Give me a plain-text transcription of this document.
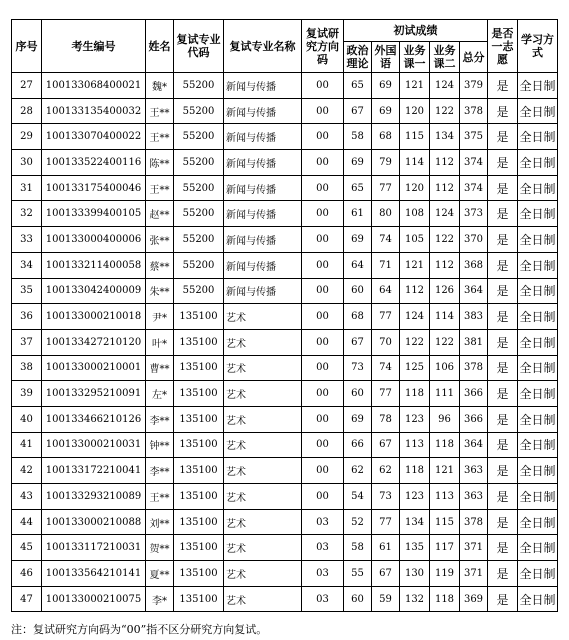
序号	考生编号	姓名	复试专业代码	复试专业名称	复试研究方向码	初试成绩					是否一志愿	学习方式
						政治理论	外国语	业务课一	业务课二	总分		
27	100133068400021	魏*	55200	新闻与传播	00	65	69	121	124	379	是	全日制
28	100133135400032	王**	55200	新闻与传播	00	67	69	120	122	378	是	全日制
29	100133070400022	王**	55200	新闻与传播	00	58	68	115	134	375	是	全日制
30	100133522400116	陈**	55200	新闻与传播	00	69	79	114	112	374	是	全日制
31	100133175400046	王**	55200	新闻与传播	00	65	77	120	112	374	是	全日制
32	100133399400105	赵**	55200	新闻与传播	00	61	80	108	124	373	是	全日制
33	100133000400006	张**	55200	新闻与传播	00	69	74	105	122	370	是	全日制
34	100133211400058	蔡**	55200	新闻与传播	00	64	71	121	112	368	是	全日制
35	100133042400009	朱**	55200	新闻与传播	00	60	64	112	126	364	是	全日制
36	100133000210018	尹*	135100	艺术	00	68	77	124	114	383	是	全日制
37	100133427210120	叶*	135100	艺术	00	67	70	122	122	381	是	全日制
38	100133000210001	曹**	135100	艺术	00	73	74	125	106	378	是	全日制
39	100133295210091	左*	135100	艺术	00	60	77	118	111	366	是	全日制
40	100133466210126	李**	135100	艺术	00	69	78	123	96	366	是	全日制
41	100133000210031	钟**	135100	艺术	00	66	67	113	118	364	是	全日制
42	100133172210041	李**	135100	艺术	00	62	62	118	121	363	是	全日制
43	100133293210089	王**	135100	艺术	00	54	73	123	113	363	是	全日制
44	100133000210088	刘**	135100	艺术	03	52	77	134	115	378	是	全日制
45	100133117210031	贺**	135100	艺术	03	58	61	135	117	371	是	全日制
46	100133564210141	夏**	135100	艺术	03	55	67	130	119	371	是	全日制
47	100133000210075	李*	135100	艺术	03	60	59	132	118	369	是	全日制
注：复试研究方向码为“00”指不区分研究方向复试。
